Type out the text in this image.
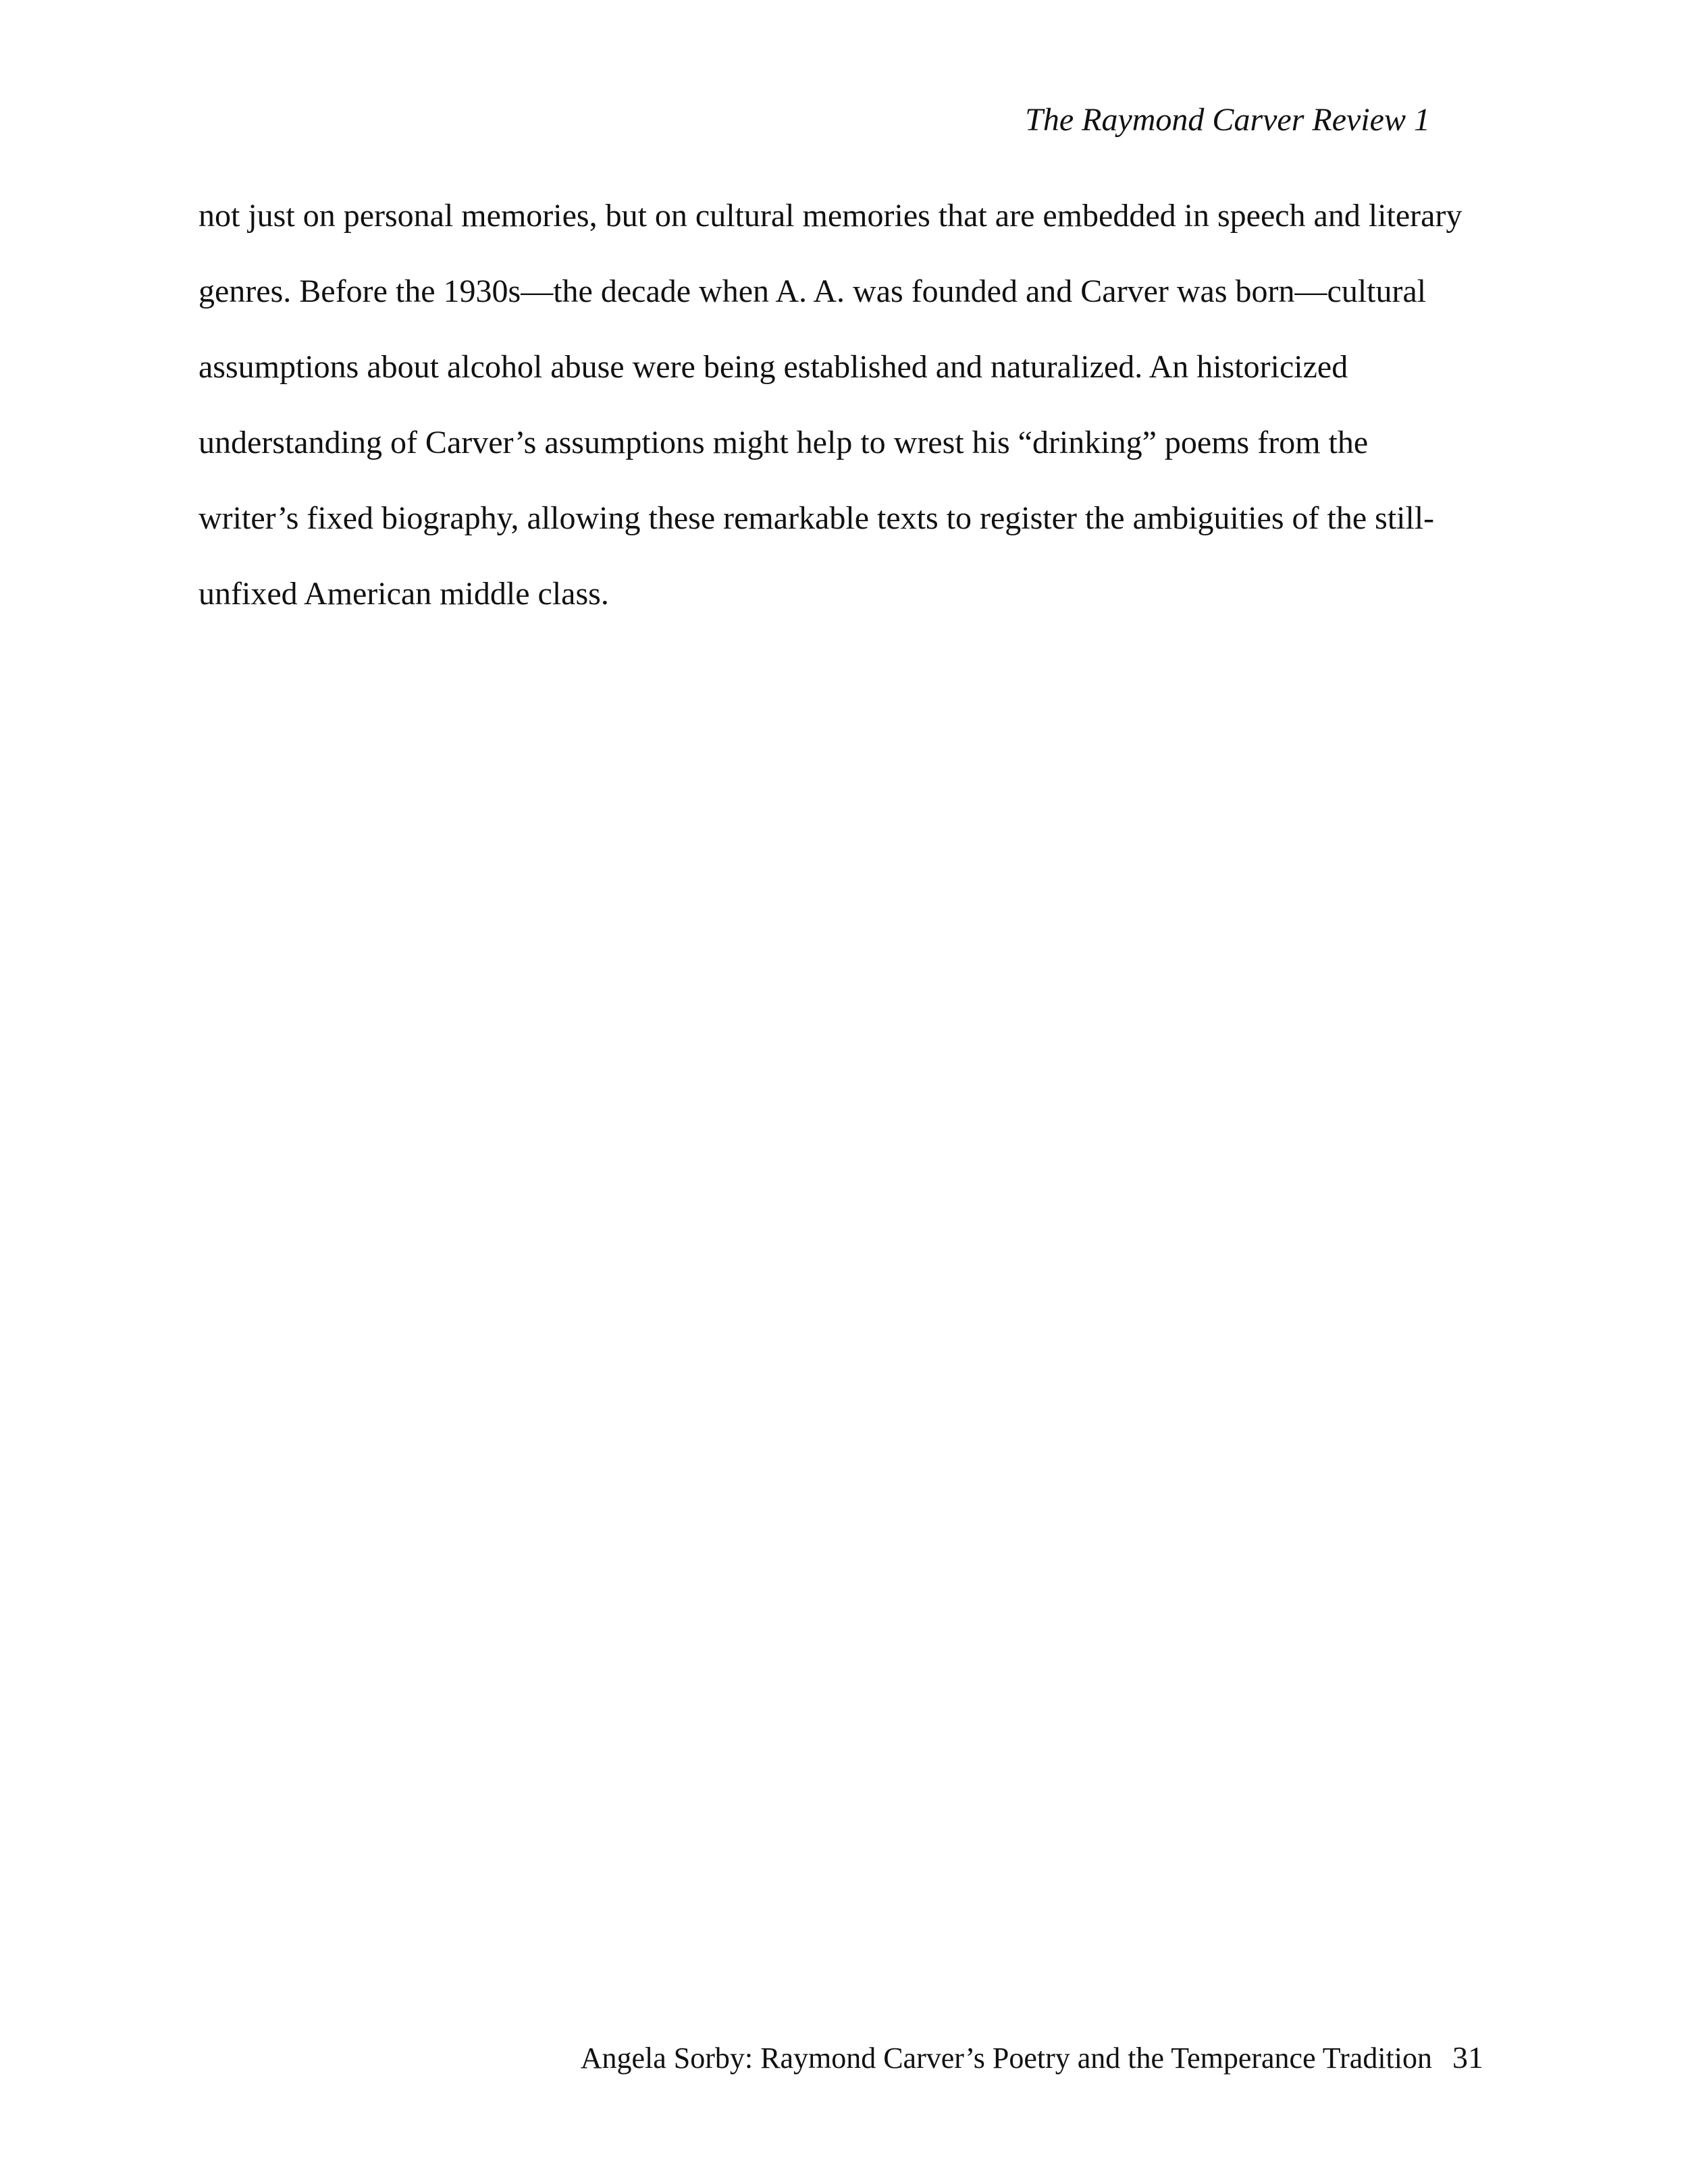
The Raymond Carver Review 1
not just on personal memories, but on cultural memories that are embedded in speech and literary
genres. Before the 1930s—the decade when A. A. was founded and Carver was born—cultural
assumptions about alcohol abuse were being established and naturalized. An historicized
understanding of Carver’s assumptions might help to wrest his “drinking” poems from the
writer’s fixed biography, allowing these remarkable texts to register the ambiguities of the still-
unfixed American middle class.
Angela Sorby: Raymond Carver’s Poetry and the Temperance Tradition 31
